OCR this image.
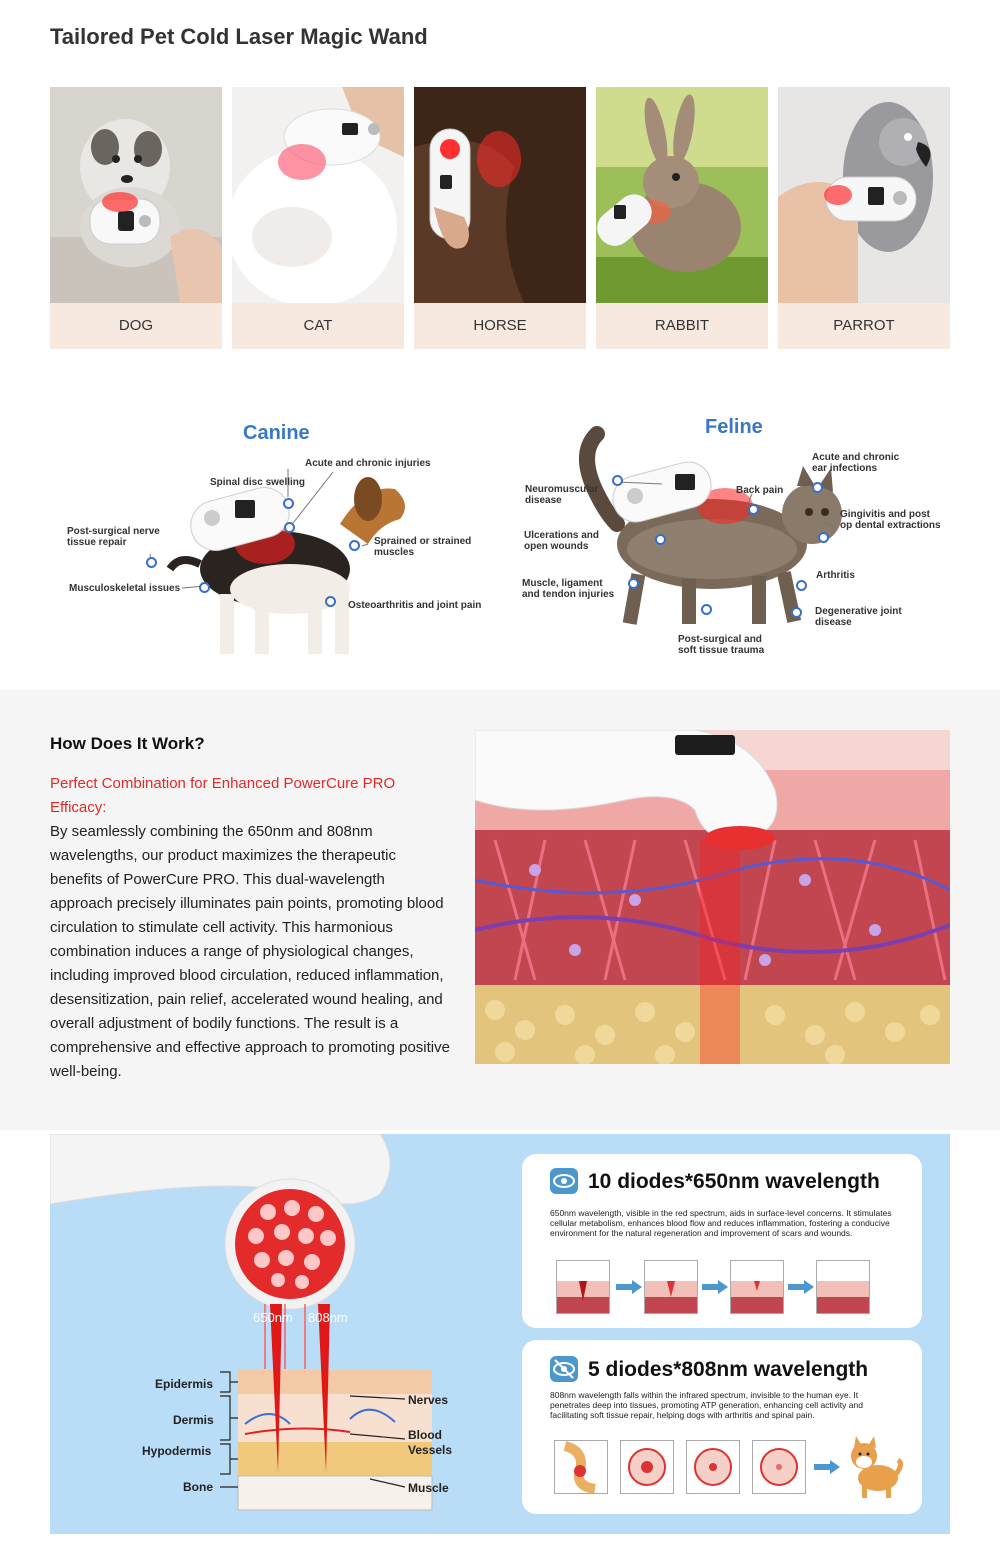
Tailored Pet Cold Laser Magic Wand
DOG	CAT	HORSE	RABBIT	PARROT
Canine
Acute and chronic injuries
Spinal disc swelling
Post-surgical nerve
tissue repair	Sprained or strained
muscles
Musculoskeletal issues
Osteoarthritis and joint pain
Feline
Acute and chronic
ear infections
Neuromuscular
disease
Back pain
Gingivitis and post
op dental extractions
Ulcerations and
open wounds
Arthritis
Muscle, ligament
and tendon injuries
Degenerative joint
disease
Post-surgical and
soft tissue trauma
How Does It Work?
Perfect Combination for Enhanced PowerCure PRO Efficacy:
By seamlessly combining the 650nm and 808nm wavelengths, our product maximizes the therapeutic benefits of PowerCure PRO. This dual-wavelength approach precisely illuminates pain points, promoting blood circulation to stimulate cell activity. This harmonious combination induces a range of physiological changes, including improved blood circulation, reduced inflammation, desensitization, pain relief, accelerated wound healing, and overall adjustment of bodily functions. The result is a comprehensive and effective approach to promoting positive well-being.
650nm 808nm
Epidermis
Dermis
Hypodermis
Bone
Nerves
Blood
Vessels
Muscle
10 diodes*650nm wavelength
650nm wavelength, visible in the red spectrum, aids in surface-level concerns. It stimulates cellular metabolism, enhances blood flow and reduces inflammation, fostering a conducive environment for the natural regeneration and improvement of scars and wounds.
5 diodes*808nm wavelength
808nm wavelength falls within the infrared spectrum, invisible to the human eye. It penetrates deep into tissues, promoting ATP generation, enhancing cell activity and facilitating soft tissue repair, helping dogs with arthritis and spinal pain.
